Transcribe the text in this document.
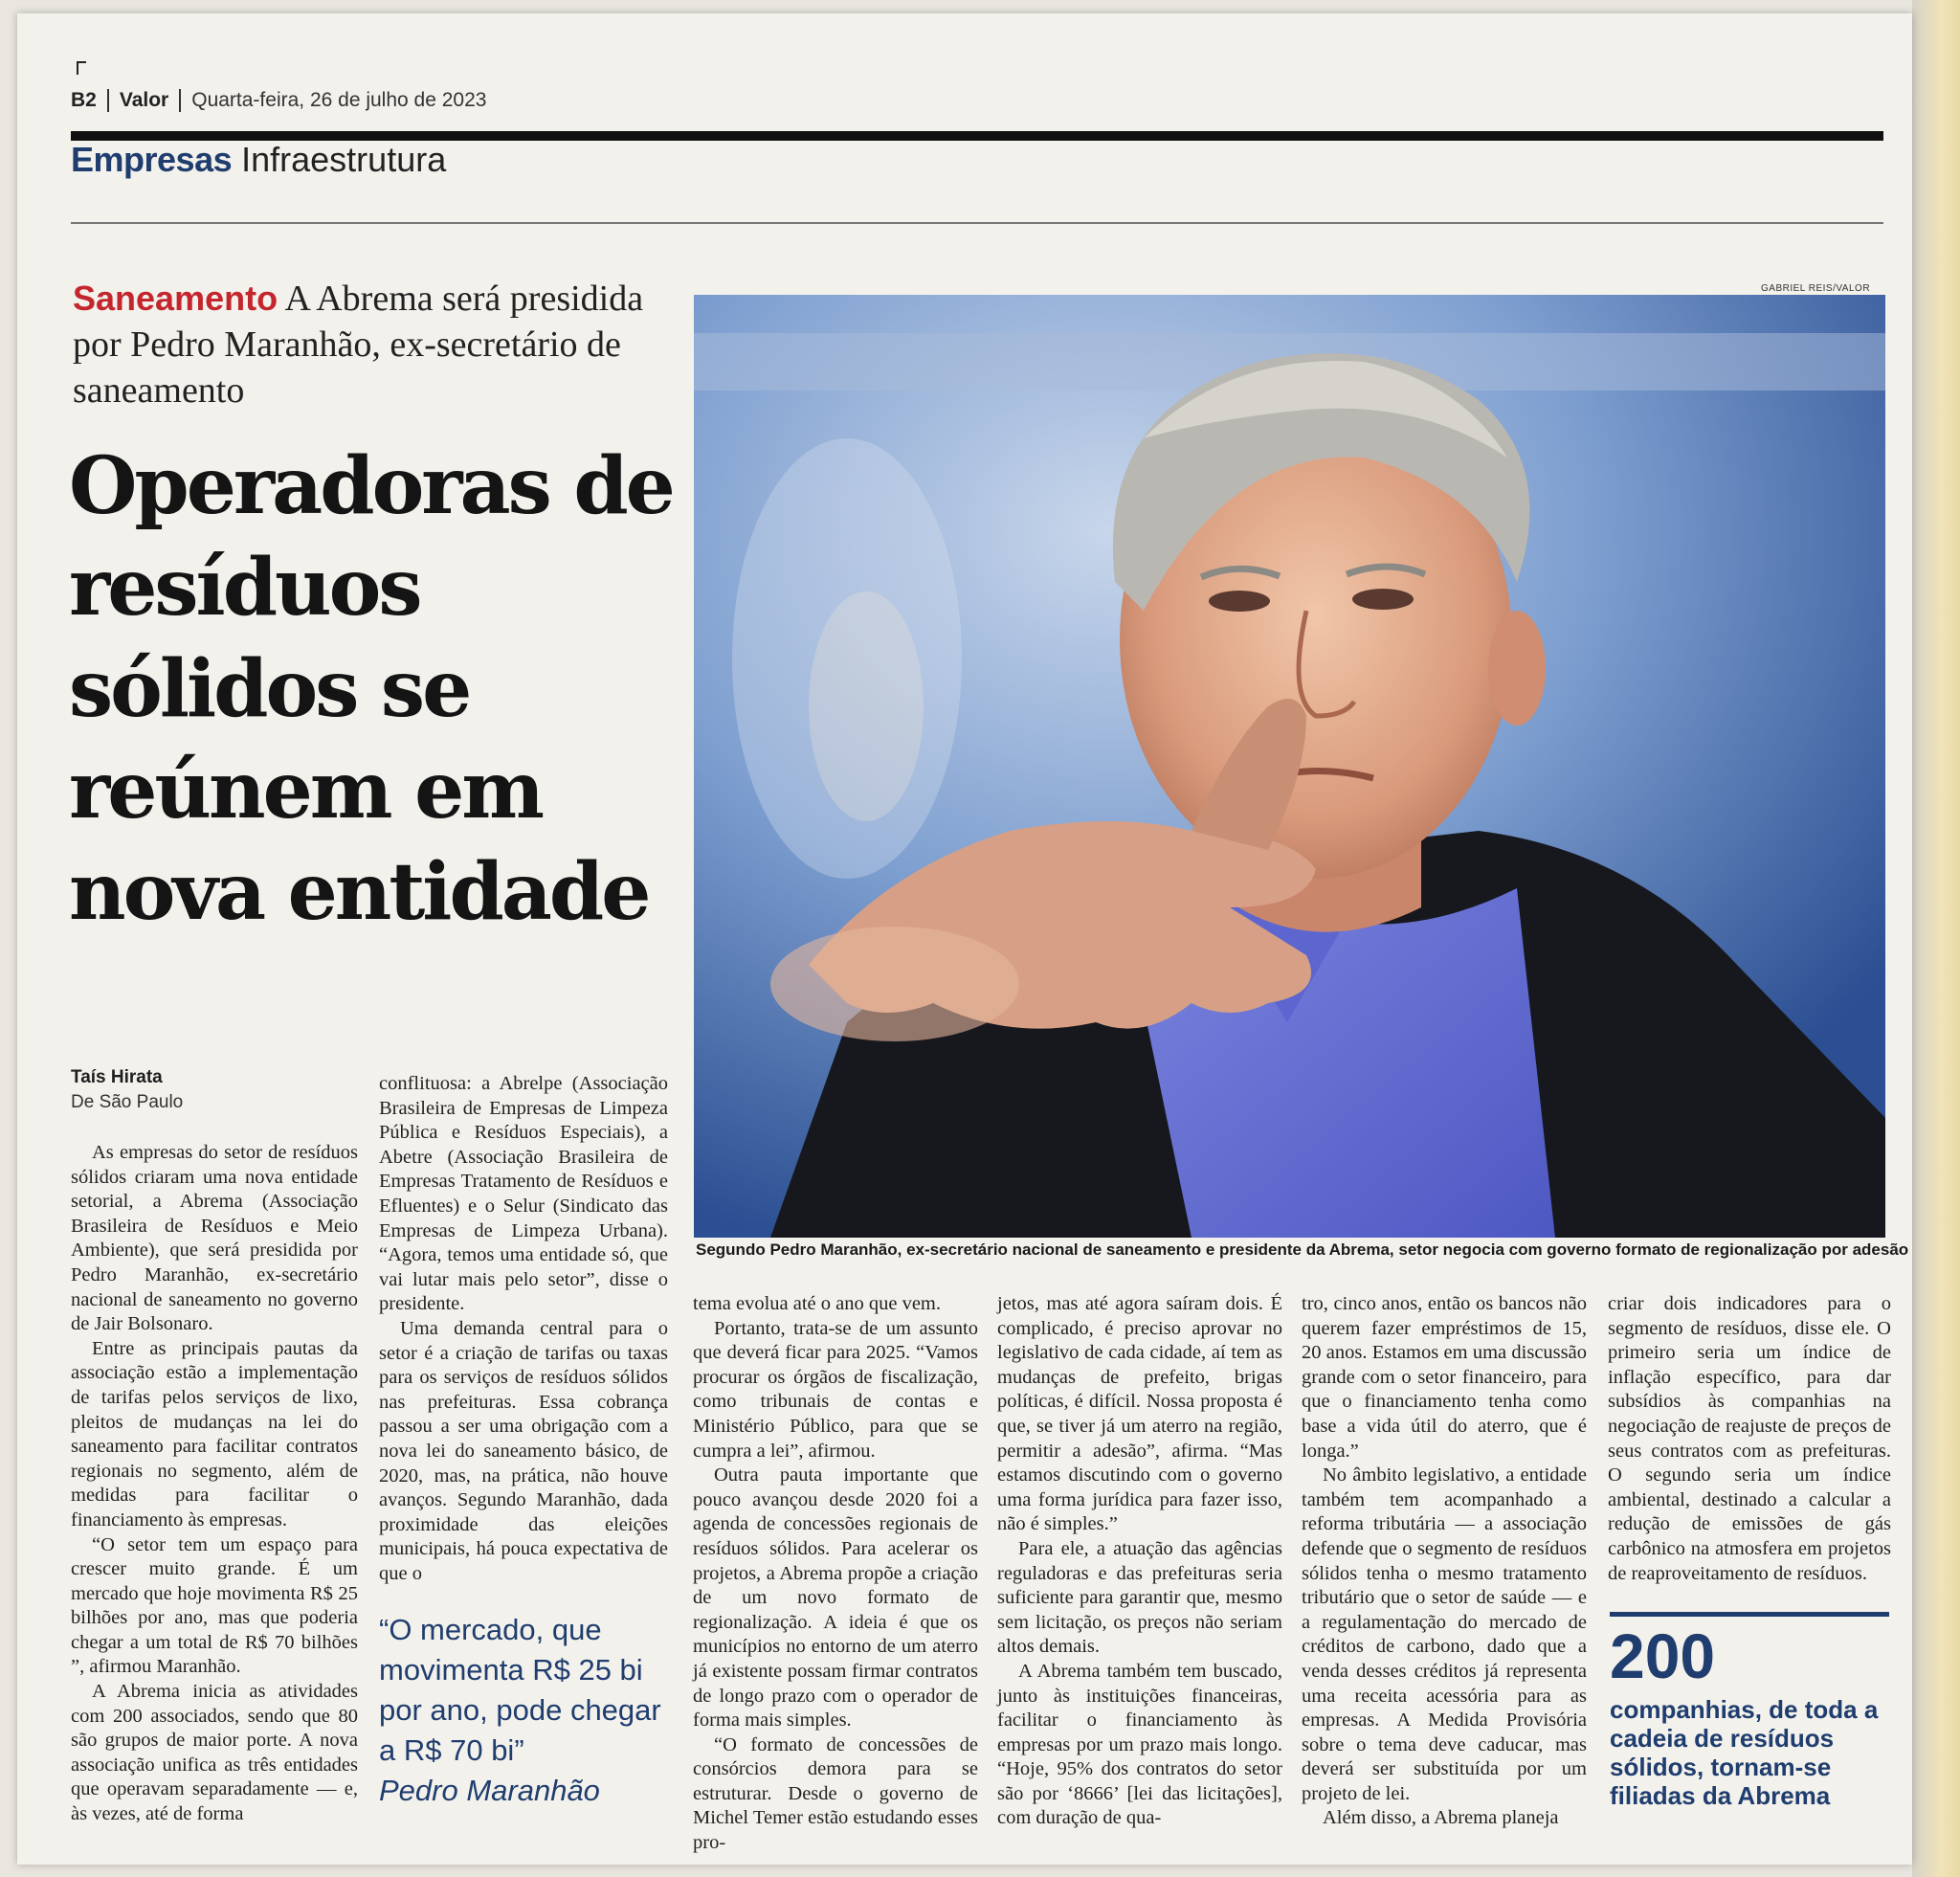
B2 Valor Quarta-feira, 26 de julho de 2023
Empresas Infraestrutura
Saneamento A Abrema será presidida por Pedro Maranhão, ex-secretário de saneamento
Operadoras de resíduos sólidos se reúnem em nova entidade
GABRIEL REIS/VALOR
Segundo Pedro Maranhão, ex-secretário nacional de saneamento e presidente da Abrema, setor negocia com governo formato de regionalização por adesão
Taís Hirata
De São Paulo

As empresas do setor de resíduos sólidos criaram uma nova entidade setorial, a Abrema (Associação Brasileira de Resíduos e Meio Ambiente), que será presidida por Pedro Maranhão, ex-secretário nacional de saneamento no governo de Jair Bolsonaro.

Entre as principais pautas da associação estão a implementação de tarifas pelos serviços de lixo, pleitos de mudanças na lei do saneamento para facilitar contratos regionais no segmento, além de medidas para facilitar o financiamento às empresas.

“O setor tem um espaço para crescer muito grande. É um mercado que hoje movimenta R$ 25 bilhões por ano, mas que poderia chegar a um total de R$ 70 bilhões ”, afirmou Maranhão.

A Abrema inicia as atividades com 200 associados, sendo que 80 são grupos de maior porte. A nova associação unifica as três entidades que operavam separadamente — e, às vezes, até de forma

conflituosa: a Abrelpe (Associação Brasileira de Empresas de Limpeza Pública e Resíduos Especiais), a Abetre (Associação Brasileira de Empresas Tratamento de Resíduos e Efluentes) e o Selur (Sindicato das Empresas de Limpeza Urbana). “Agora, temos uma entidade só, que vai lutar mais pelo setor”, disse o presidente.

Uma demanda central para o setor é a criação de tarifas ou taxas para os serviços de resíduos sólidos nas prefeituras. Essa cobrança passou a ser uma obrigação com a nova lei do saneamento básico, de 2020, mas, na prática, não houve avanços. Segundo Maranhão, dada proximidade das eleições municipais, há pouca expectativa de que o

“O mercado, que movimenta R$ 25 bi por ano, pode chegar a R$ 70 bi”
Pedro Maranhão

tema evolua até o ano que vem.

Portanto, trata-se de um assunto que deverá ficar para 2025. “Vamos procurar os órgãos de fiscalização, como tribunais de contas e Ministério Público, para que se cumpra a lei”, afirmou.

Outra pauta importante que pouco avançou desde 2020 foi a agenda de concessões regionais de resíduos sólidos. Para acelerar os projetos, a Abrema propõe a criação de um novo formato de regionalização. A ideia é que os municípios no entorno de um aterro já existente possam firmar contratos de longo prazo com o operador de forma mais simples.

“O formato de concessões de consórcios demora para se estruturar. Desde o governo de Michel Temer estão estudando esses pro-

jetos, mas até agora saíram dois. É complicado, é preciso aprovar no legislativo de cada cidade, aí tem as mudanças de prefeito, brigas políticas, é difícil. Nossa proposta é que, se tiver já um aterro na região, permitir a adesão”, afirma. “Mas estamos discutindo com o governo uma forma jurídica para fazer isso, não é simples.”

Para ele, a atuação das agências reguladoras e das prefeituras seria suficiente para garantir que, mesmo sem licitação, os preços não seriam altos demais.

A Abrema também tem buscado, junto às instituições financeiras, facilitar o financiamento às empresas por um prazo mais longo. “Hoje, 95% dos contratos do setor são por ‘8666’ [lei das licitações], com duração de qua-

tro, cinco anos, então os bancos não querem fazer empréstimos de 15, 20 anos. Estamos em uma discussão grande com o setor financeiro, para que o financiamento tenha como base a vida útil do aterro, que é longa.”

No âmbito legislativo, a entidade também tem acompanhado a reforma tributária — a associação defende que o segmento de resíduos sólidos tenha o mesmo tratamento tributário que o setor de saúde — e a regulamentação do mercado de créditos de carbono, dado que a venda desses créditos já representa uma receita acessória para as empresas. A Medida Provisória sobre o tema deve caducar, mas deverá ser substituída por um projeto de lei.

Além disso, a Abrema planeja

criar dois indicadores para o segmento de resíduos, disse ele. O primeiro seria um índice de inflação específico, para dar subsídios às companhias na negociação de reajuste de preços de seus contratos com as prefeituras. O segundo seria um índice ambiental, destinado a calcular a redução de emissões de gás carbônico na atmosfera em projetos de reaproveitamento de resíduos.

200
companhias, de toda a cadeia de resíduos sólidos, tornam-se filiadas da Abrema
